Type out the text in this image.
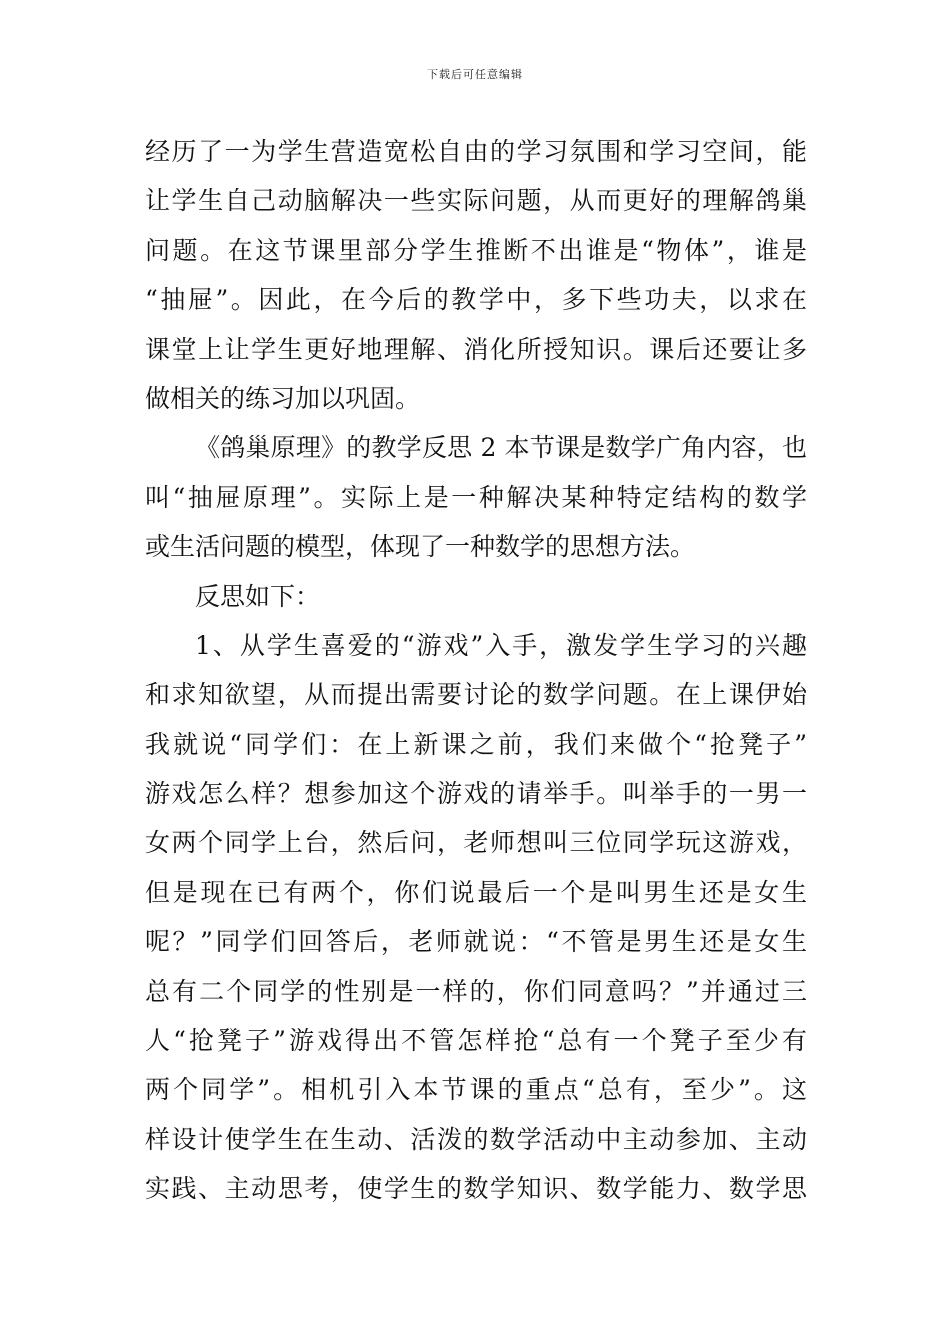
下载后可任意编辑
经历了一为学生营造宽松自由的学习氛围和学习空间，能
让学生自己动脑解决一些实际问题，从而更好的理解鸽巢
问题。在这节课里部分学生推断不出谁是“物体”，谁是
“抽屉”。因此，在今后的教学中，多下些功夫，以求在
课堂上让学生更好地理解、消化所授知识。课后还要让多
做相关的练习加以巩固。
《鸽巢原理》的教学反思 2 本节课是数学广角内容，也
叫“抽屉原理”。实际上是一种解决某种特定结构的数学
或生活问题的模型，体现了一种数学的思想方法。
反思如下：
1、从学生喜爱的“游戏”入手，激发学生学习的兴趣
和求知欲望，从而提出需要讨论的数学问题。在上课伊始
我就说“同学们：在上新课之前，我们来做个“抢凳子”
游戏怎么样？想参加这个游戏的请举手。叫举手的一男一
女两个同学上台，然后问，老师想叫三位同学玩这游戏，
但是现在已有两个，你们说最后一个是叫男生还是女生
呢？”同学们回答后，老师就说：“不管是男生还是女生
总有二个同学的性别是一样的，你们同意吗？”并通过三
人“抢凳子”游戏得出不管怎样抢“总有一个凳子至少有
两个同学”。相机引入本节课的重点“总有，至少”。这
样设计使学生在生动、活泼的数学活动中主动参加、主动
实践、主动思考，使学生的数学知识、数学能力、数学思
